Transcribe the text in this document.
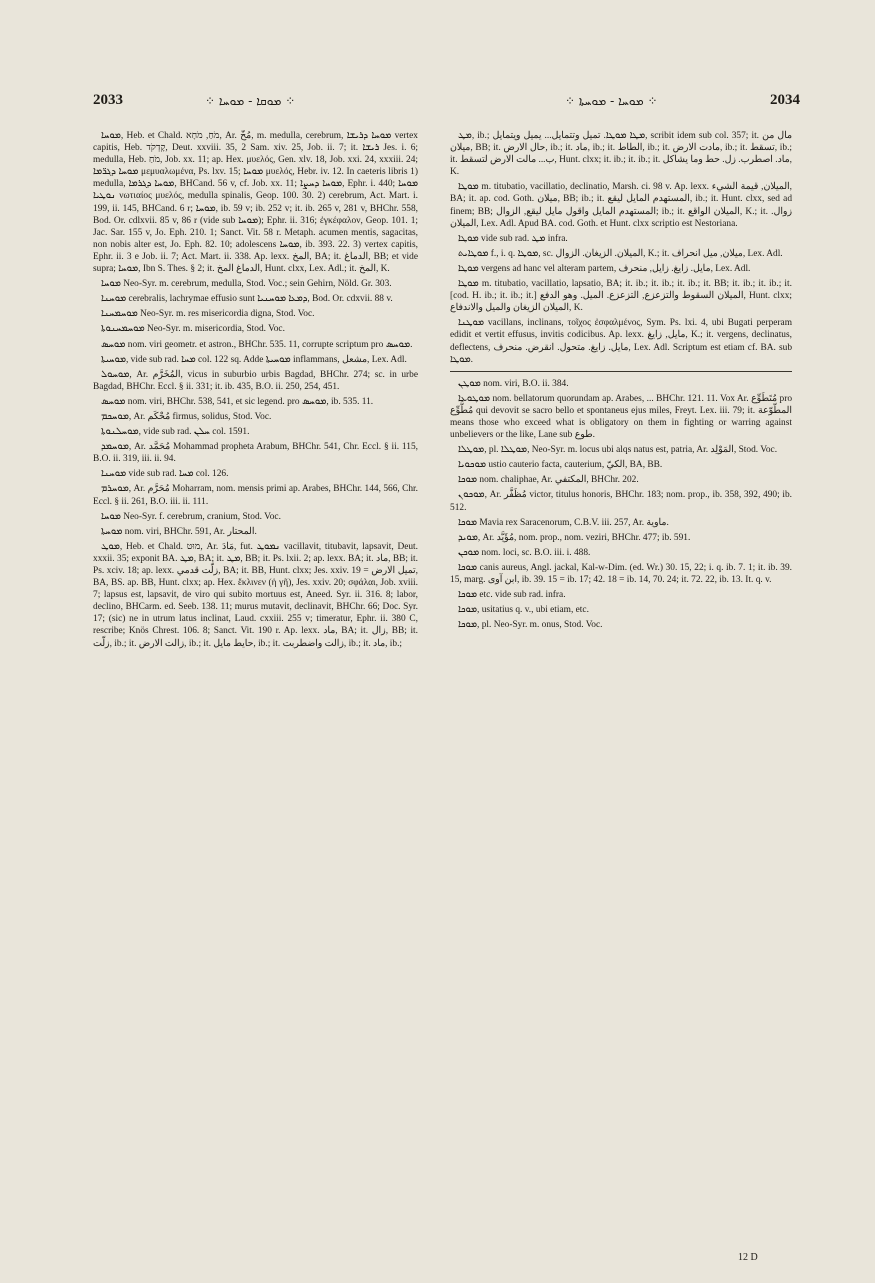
2033	⁘ ܡܘܩܐ - ܡܘܚܐ ⁘	⁘ ܡܘܚܐ - ܡܘܚܬܐ ⁘	2034

ܡܘܚܐ, Heb. et Chald. מֹחַ, מֹחָא, Ar. مُخّ, m. medulla, cerebrum, ܡܘܚܐ ܕܪܝܫܐ vertex capitis, Heb. קָדְקֹד, Deut. xxviii. 35, 2 Sam. xiv. 25, Job. ii. 7; it. ܪܝܫܐ Jes. i. 6; medulla, Heb. מֹחַ, Job. xx. 11; ap. Hex. μυελός, Gen. xlv. 18, Job. xxi. 24, xxxiii. 24; ܡܘܚܐ ܕܓܪ̈ܡܐ μεμυαλωμένα, Ps. lxv. 15; ܡܘܚܐ μυελός, Hebr. iv. 12. In caeteris libris 1) medulla, ܡܘܚܐ ܕܓܪܡܐ, BHCand. 56 v, cf. Job. xx. 11; ܡܘܚܐ ܕܚܨܐ, Ephr. i. 440; ܡܘܚܐ ܢܘܛܝܐ νωτιαίος μυελός, medulla spinalis, Geop. 100. 30. 2) cerebrum, Act. Mart. i. 199, ii. 145, BHCand. 6 r; ܡܘܚܐ, ib. 59 v; ib. 252 v; it. ib. 265 v, 281 v, BHChr. 558, Bod. Or. cdlxvii. 85 v, 86 r (vide sub ܡܘܚܐ); Ephr. ii. 316; ἐγκέφαλον, Geop. 101. 1; Jac. Sar. 155 v, Jo. Eph. 210. 1; Sanct. Vit. 58 r. Metaph. acumen mentis, sagacitas, non nobis alter est, Jo. Eph. 82. 10; adolescens ܡܘܚܐ, ib. 393. 22. 3) vertex capitis, Ephr. ii. 3 e Job. ii. 7; Act. Mart. ii. 338. Ap. lexx. المخ, BA; it. الدماغ, BB; et vide supra; ܡܘܚܐ, Ibn S. Thes. § 2; it. الدماغ المخ, Hunt. clxx, Lex. Adl.; it. المخ, K.

ܡܘܚܐ Neo-Syr. m. cerebrum, medulla, Stod. Voc.; sein Gehirn, Nöld. Gr. 303.

ܡܘܚܢܐ cerebralis, lachrymae effusio sunt ܕܡܥܐ ܡܘܚܢܝܐ, Bod. Or. cdxvii. 88 v.

ܡܘܚܡܚܢܐ Neo-Syr. m. res misericordia digna, Stod. Voc.

ܡܘܚܡܚܢܘܬܐ Neo-Syr. m. misericordia, Stod. Voc.

ܡܘܚܣ nom. viri geometr. et astron., BHChr. 535. 11, corrupte scriptum pro ܡܘܚܣ.

ܡܘܚܝܬܐ, vide sub rad. ܡܚܐ col. 122 sq. Adde ܡܘܚܝܬܐ inflammans, مشعل, Lex. Adl.

ܡܘܚܘܠ, Ar. المُخَرَّم, vicus in suburbio urbis Bagdad, BHChr. 274; sc. in urbe Bagdad, BHChr. Eccl. § ii. 331; it. ib. 435, B.O. ii. 250, 254, 451.

ܡܘܚܣ nom. viri, BHChr. 538, 541, et sic legend. pro ܡܘܚܣ, ib. 535. 11.

ܡܘܚܟܡ, Ar. مُحْكَم firmus, solidus, Stod. Voc.

ܡܘܚܠܢܘܬܐ, vide sub rad. ܚܠܢ col. 1591.

ܡܘܚܡܕ, Ar. مُحَمَّد Mohammad propheta Arabum, BHChr. 541, Chr. Eccl. § ii. 115, B.O. ii. 319, iii. ii. 94.

ܡܘܚܢܐ vide sub rad. ܡܚܐ col. 126.

ܡܘܚܪܡ, Ar. مُحَرَّم Moharram, nom. mensis primi ap. Arabes, BHChr. 144, 566, Chr. Eccl. § ii. 261, B.O. iii. ii. 111.

ܡܘܚܐ Neo-Syr. f. cerebrum, cranium, Stod. Voc.

ܡܘܚܬܐ nom. viri, BHChr. 591, Ar. المحتار.

ܡܘܛ, Heb. et Chald. מוּט, Ar. مَادَ, fut. ܢܡܘܛ vacillavit, titubavit, lapsavit, Deut. xxxii. 35; exponit BA. ܡܛ, BA; it. ܡܛ, BB; it. Ps. lxii. 2; ap. lexx. BA; it. ماد, BB; it. Ps. xciv. 18; ap. lexx. زلّت قدمي, BA; it. BB, Hunt. clxx; Jes. xxiv. 19 = تميل الارض, BA, BS. ap. BB, Hunt. clxx; ap. Hex. ἔκλινεν (ἡ γῆ), Jes. xxiv. 20; σφάλαι, Job. xviii. 7; lapsus est, lapsavit, de viro qui subito mortuus est, Aneed. Syr. ii. 316. 8; labor, declino, BHCarm. ed. Seeb. 138. 11; murus mutavit, declinavit, BHChr. 66; Doc. Syr. 17; (sic) ne in utrum latus inclinat, Laud. cxxiii. 255 v; timeratur, Ephr. ii. 380 C, rescribe; Knös Chrest. 106. 8; Sanct. Vit. 190 r. Ap. lexx. ماد, BA; it. زال, BB; it. زلّت, ib.; it. زالت الارض, ib.; it. حايط مايل, ib.; it. زالت واضطربت, ib.; it. ماد, ib.;

ܡܛ, ib.; ܡܛܐ ܡܘܛܐ. تميل وتتمايل... يميل ويتمايل, scribit idem sub col. 357; it. مال من ميلان, BB; it. حال الارض, ib.; it. ماد, ib.; it. الطاط, ib.; it. مادت الارض, ib.; it. تسقط, ib.; it. ب... مالت الارض لتسقط, Hunt. clxx; it. ib.; it. ib.; it. ماد. اصطرب. زل. حط وما يشاكل, K.

ܡܘܛܐ m. titubatio, vacillatio, declinatio, Marsh. ci. 98 v. Ap. lexx. الميلان, قيمة الشيء, BA; it. ap. cod. Goth. ميلان, BB; ib.; it. المستهدم المايل ليقع, ib.; it. Hunt. clxx, sed ad finem; BB; المستهدم المايل واقول مايل ليقع, الزوال; ib.; it. الميلان الواقع, K.; it. زوال. الميلان, Lex. Adl. Apud BA. cod. Goth. et Hunt. clxx scriptio est Nestoriana.

ܡܘܛܐ vide sub rad. ܡܛ infra.

ܡܘܛܐܝܬ f., i. q. ܡܘܛܐ, sc. الميلان. الزيغان. الزوال, K.; it. ميلان, ميل انحراف, Lex. Adl.

ܡܘܛܐ vergens ad hanc vel alteram partem, مايل. زايغ. زايل, منحرف, Lex. Adl.

ܡܘܛܐ m. titubatio, vacillatio, lapsatio, BA; it. ib.; it. ib.; it. ib.; it. BB; it. ib.; it. ib.; it. [cod. H. ib.; it. ib.; it.] الميلان السقوط والتزعزع, التزعزع. الميل. وهو الدفع, Hunt. clxx; الميلان الزيغان والميل والاندفاع, K.

ܡܘܛܢܐ vacillans, inclinans, τοῖχος ἐσφαλμένος, Sym. Ps. lxi. 4, ubi Bugati perperam edidit et vertit effusus, invitis codicibus. Ap. lexx. مايل, زايغ, K.; it. vergens, declinatus, deflectens, مايل. زايغ. متحول. انقرض. منحرف, Lex. Adl. Scriptum est etiam cf. BA. sub ܡܘܛܐ.

ܡܘܛܢ nom. viri, B.O. ii. 384.

ܡܘܛܘܥܐ nom. bellatorum quorundam ap. Arabes, ... BHChr. 121. 11. Vox Ar. مُتَطَوِّع pro مُطَّوِّع qui devovit se sacro bello et spontaneus ejus miles, Freyt. Lex. iii. 79; it. المطّوّعة means those who exceed what is obligatory on them in fighting or warring against unbelievers or the like, Lane sub طوع.

ܡܘܛܠܐ, pl. ܡܘܛܠܐ, Neo-Syr. m. locus ubi alqs natus est, patria, Ar. المَوْلِد, Stod. Voc.

ܡܘܟܘܝܐ ustio cauterio facta, cauterium, الكيّ, BA, BB.

ܡܘܟܐ nom. chaliphae, Ar. المكتفي, BHChr. 202.

ܡܘܟܘܢ, Ar. مُظَفَّر victor, titulus honoris, BHChr. 183; nom. prop., ib. 358, 392, 490; ib. 512.

ܡܘܟܐ Mavia rex Saracenorum, C.B.V. iii. 257, Ar. ماوية.

ܡܘܝܕ, Ar. مُؤَيَّد, nom. prop., nom. veziri, BHChr. 477; ib. 591.

ܡܘܟܢ nom. loci, sc. B.O. iii. i. 488.

ܡܘܟܐ canis aureus, Angl. jackal, Kal-w-Dim. (ed. Wr.) 30. 15, 22; i. q. ib. 7. 1; it. ib. 39. 15, marg. ابن آوى, ib. 39. 15 = ib. 17; 42. 18 = ib. 14, 70. 24; it. 72. 22, ib. 13. It. q. v.

ܡܘܟܐ etc. vide sub rad. infra.

ܡܘܟܐ, usitatius q. v., ubi etiam, etc.

ܡܘܟܐ, pl. Neo-Syr. m. onus, Stod. Voc.

12 D
